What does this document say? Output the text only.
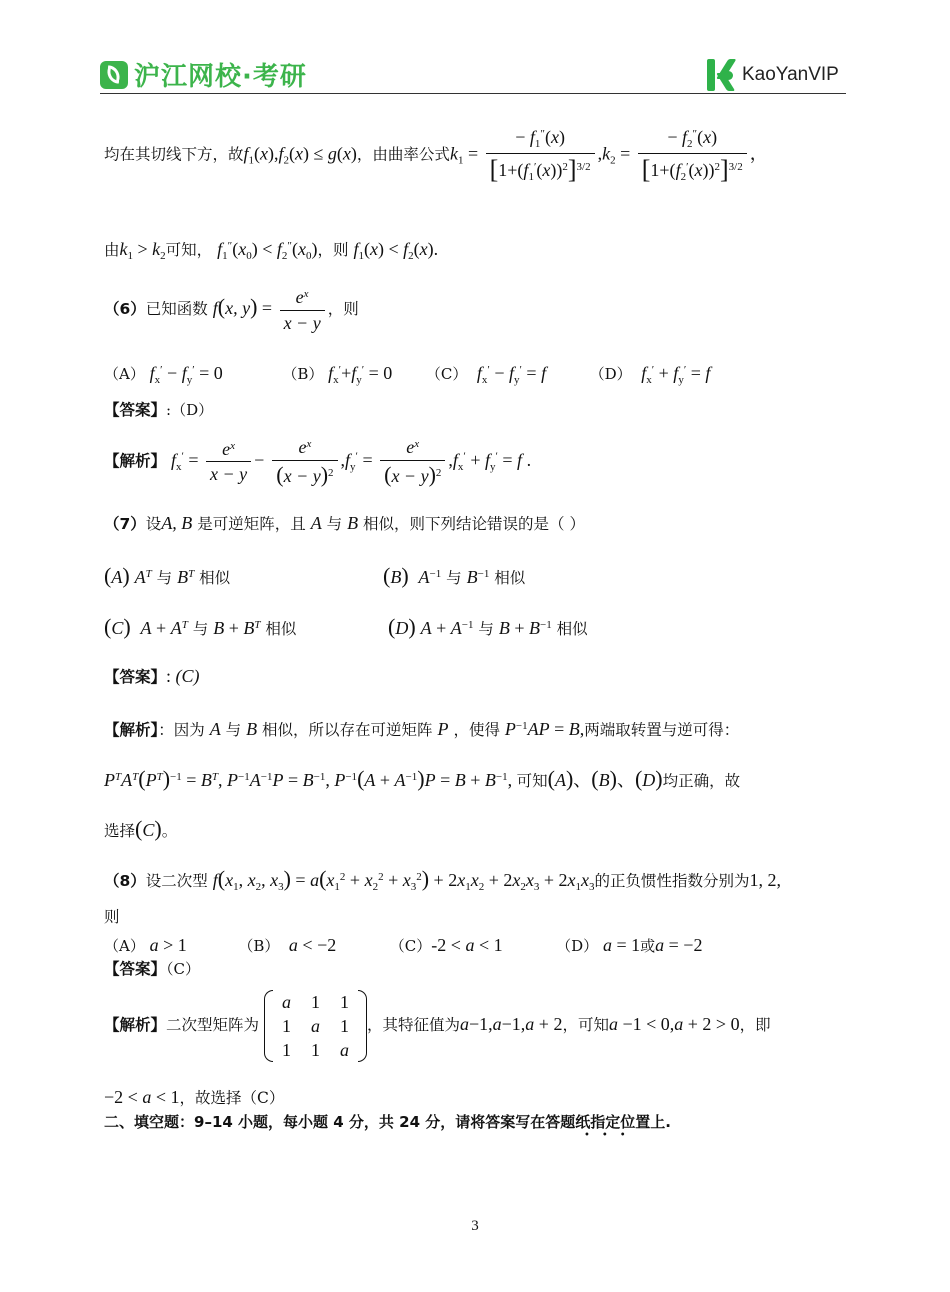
沪江网校·考研	KaoYanVIP
均在其切线下方，故$f_1(x),f_2(x) \le g(x)$，由曲率公式$k_1 = \frac{- f_1''(x)}{[1+(f_1'(x))^2]^{3/2}} ,k_2 = \frac{- f_2''(x)}{[1+(f_2'(x))^2]^{3/2}}$ ，
由$k_1 > k_2$可知， $f_1''(x_0) < f_2''(x_0)$，则 $f_1(x) < f_2(x)$.
（6）已知函数 f(x, $y) = \frac{e^x}{x - y}$ ，则
（A） $f_x' - f_y' = 0$	（B） $f_x'+f_y' = 0$ （C） $f_x' - f_y' = f$	（D） $f_x' + f_y' = f$
【答案】:（D）
【解析】 $f_x' = \frac{e^x}{x - y} - \frac{e^x}{(x - y)^2} ,f_y' = \frac{e^x}{(x - y)^2} ,f_x' + f_y' = f$ .
（7）设A, B 是可逆矩阵，且 A 与 B 相似，则下列结论错误的是（ ）
(A) $A^T$ 与 $B^T$ 相似	(B) $A^{-1}$ 与 $B^{-1}$ 相似
(C) $A + A^T$ 与 $B + B^T$ 相似	(D) $A + A^{-1}$ 与 $B + B^{-1}$ 相似
【答案】: (C)
【解析】：因为 A 与 B 相似，所以存在可逆矩阵 P ，使得 $P^{-1}AP = B$,两端取转置与逆可得：
$P^TA^T(P^T)^{-1} = B^T$, $P^{-1}A^{-1}P = B^{-1}$, $P^{-1}(A + A^{-1})P = B + B^{-1}$, 可知(A)、(B)、(D)均正确，故
选择(C)。
（8）设二次型 $f(x_1$, $x_2$, $x_3) = a(x_1^2 + x_2^2 + x_3^2) + 2x_1x_2 + 2x_2x_3 + 2x_1x_3$的正负惯性指数分别为1, 2,
则
（A） a > 1	（B） a < −2	（C）-2 < a < 1	（D） a = 1或a = −2
【答案】（C）
【解析】二次型矩阵为
a	1	1
1	a	1
1	1	a
，其特征值为a−1,a−1,a + 2，可知a −1 < 0,a + 2 > 0，即
−2 < a < 1，故选择（C）
二、填空题：9–14 小题，每小题 4 分，共 24 分，请将答案写在答题纸指定位置上.
•••
3
